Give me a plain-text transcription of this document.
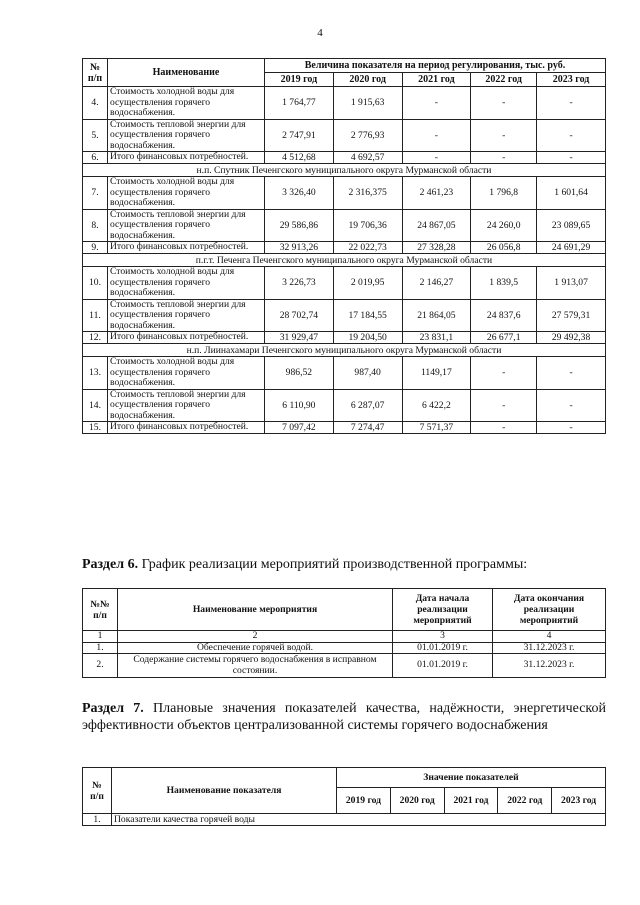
4
№
п/п	Наименование	Величина показателя на период регулирования, тыс. руб.				
		2019 год	2020 год	2021 год	2022 год	2023 год
4.	Стоимость холодной воды для осуществления горячего водоснабжения.	1 764,77	1 915,63	-	-	-
5.	Стоимость тепловой энергии для осуществления горячего водоснабжения.	2 747,91	2 776,93	-	-	-
6.	Итого финансовых потребностей.	4 512,68	4 692,57	-	-	-
н.п. Спутник Печенгского муниципального округа Мурманской области						
7.	Стоимость холодной воды для осуществления горячего водоснабжения.	3 326,40	2 316,375	2 461,23	1 796,8	1 601,64
8.	Стоимость тепловой энергии для осуществления горячего водоснабжения.	29 586,86	19 706,36	24 867,05	24 260,0	23 089,65
9.	Итого финансовых потребностей.	32 913,26	22 022,73	27 328,28	26 056,8	24 691,29
п.г.т. Печенга Печенгского муниципального округа Мурманской области						
10.	Стоимость холодной воды для осуществления горячего водоснабжения.	3 226,73	2 019,95	2 146,27	1 839,5	1 913,07
11.	Стоимость тепловой энергии для осуществления горячего водоснабжения.	28 702,74	17 184,55	21 864,05	24 837,6	27 579,31
12.	Итого финансовых потребностей.	31 929,47	19 204,50	23 831,1	26 677,1	29 492,38
н.п. Лиинахамари Печенгского муниципального округа Мурманской области						
13.	Стоимость холодной воды для осуществления горячего водоснабжения.	986,52	987,40	1149,17	-	-
14.	Стоимость тепловой энергии для осуществления горячего водоснабжения.	6 110,90	6 287,07	6 422,2	-	-
15.	Итого финансовых потребностей.	7 097,42	7 274,47	7 571,37	-	-
Раздел 6. График реализации мероприятий производственной программы:
№№
п/п	Наименование мероприятия	Дата начала реализации мероприятий	Дата окончания реализации мероприятий
1	2	3	4
1.	Обеспечение горячей водой.	01.01.2019 г.	31.12.2023 г.
2.	Содержание системы горячего водоснабжения в исправном состоянии.	01.01.2019 г.	31.12.2023 г.
Раздел 7. Плановые значения показателей качества, надёжности, энергетической эффективности объектов централизованной системы горячего водоснабжения
№
п/п	Наименование показателя	Значение показателей				
		2019 год	2020 год	2021 год	2022 год	2023 год
1.	Показатели качества горячей воды					
